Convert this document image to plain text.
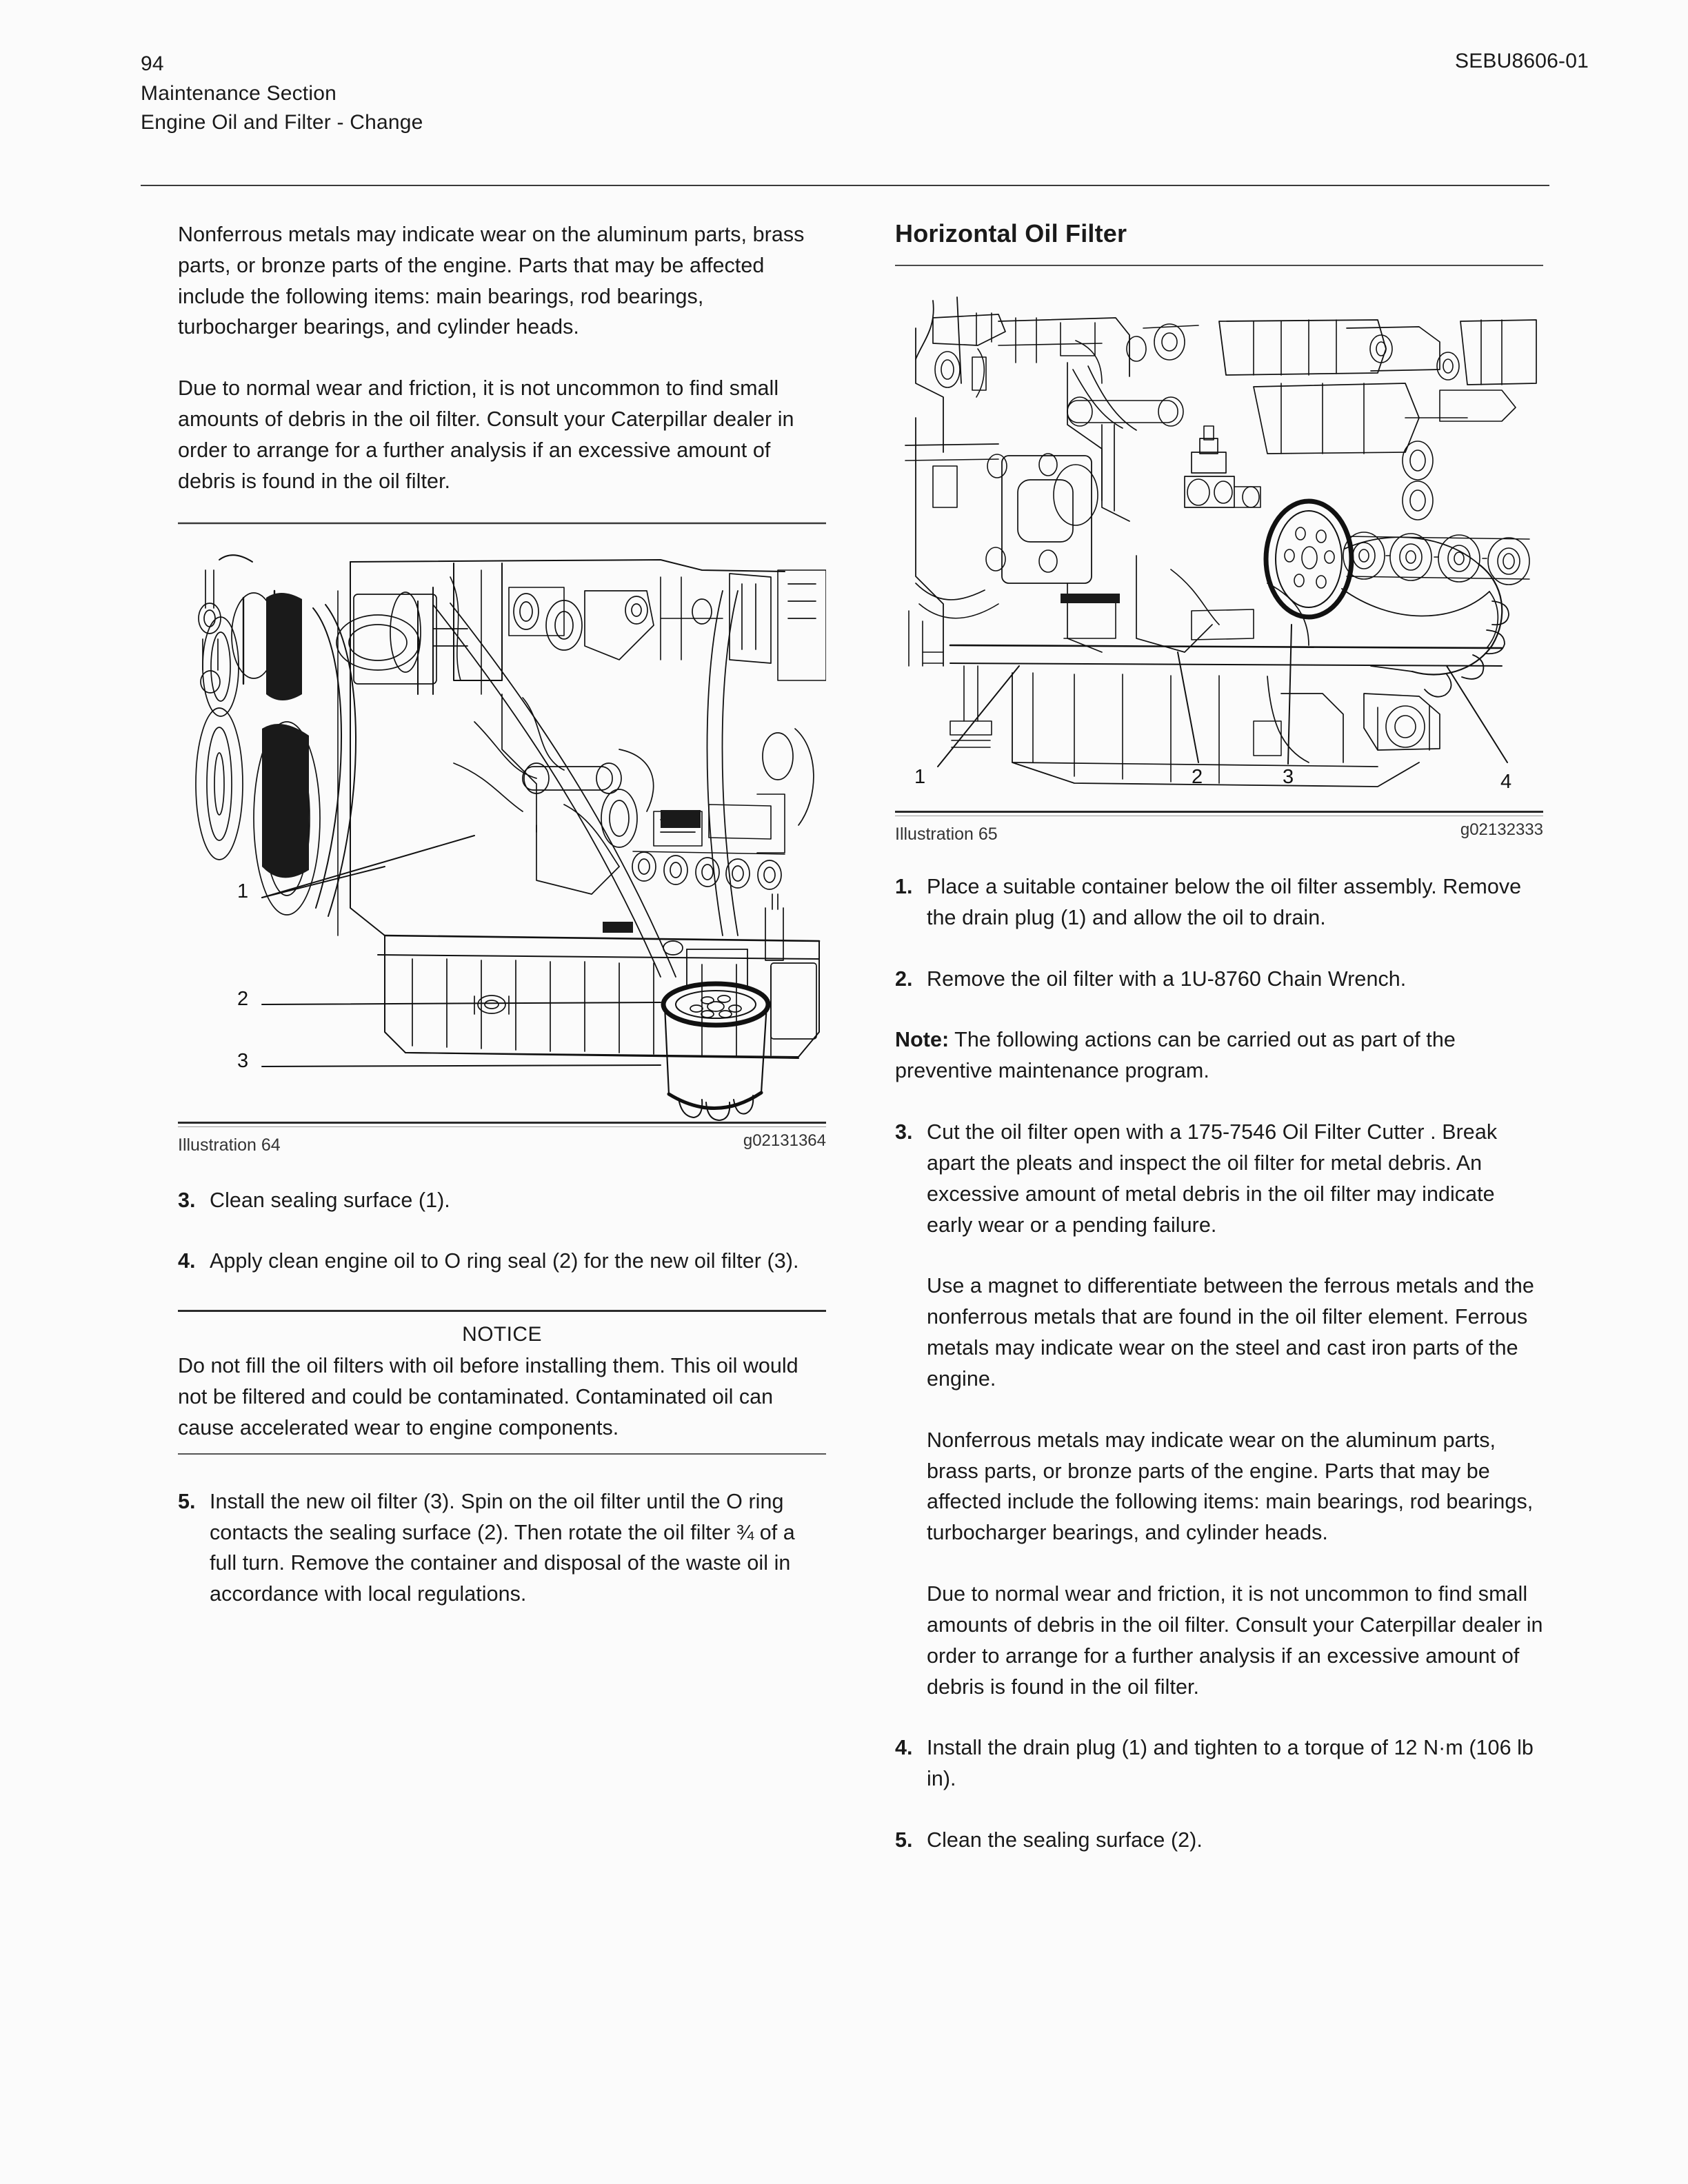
94
Maintenance Section
Engine Oil and Filter - Change
SEBU8606-01

Nonferrous metals may indicate wear on the aluminum parts, brass parts, or bronze parts of the engine. Parts that may be affected include the following items: main bearings, rod bearings, turbocharger bearings, and cylinder heads.

Due to normal wear and friction, it is not uncommon to find small amounts of debris in the oil filter. Consult your Caterpillar dealer in order to arrange for a further analysis if an excessive amount of debris is found in the oil filter.

1
2
3
Illustration 64	g02131364
3. Clean sealing surface (1).
4. Apply clean engine oil to O ring seal (2) for the new oil filter (3).
NOTICE
Do not fill the oil filters with oil before installing them. This oil would not be filtered and could be contaminated. Contaminated oil can cause accelerated wear to engine components.
5. Install the new oil filter (3). Spin on the oil filter until the O ring contacts the sealing surface (2). Then rotate the oil filter ¾ of a full turn. Remove the container and disposal of the waste oil in accordance with local regulations.
Horizontal Oil Filter
1	2	3	4
Illustration 65	g02132333
1. Place a suitable container below the oil filter assembly. Remove the drain plug (1) and allow the oil to drain.
2. Remove the oil filter with a 1U-8760 Chain Wrench.

Note: The following actions can be carried out as part of the preventive maintenance program.

3. Cut the oil filter open with a 175-7546 Oil Filter Cutter . Break apart the pleats and inspect the oil filter for metal debris. An excessive amount of metal debris in the oil filter may indicate early wear or a pending failure.

Use a magnet to differentiate between the ferrous metals and the nonferrous metals that are found in the oil filter element. Ferrous metals may indicate wear on the steel and cast iron parts of the engine.

Nonferrous metals may indicate wear on the aluminum parts, brass parts, or bronze parts of the engine. Parts that may be affected include the following items: main bearings, rod bearings, turbocharger bearings, and cylinder heads.

Due to normal wear and friction, it is not uncommon to find small amounts of debris in the oil filter. Consult your Caterpillar dealer in order to arrange for a further analysis if an excessive amount of debris is found in the oil filter.

4. Install the drain plug (1) and tighten to a torque of 12 N·m (106 lb in).
5. Clean the sealing surface (2).
